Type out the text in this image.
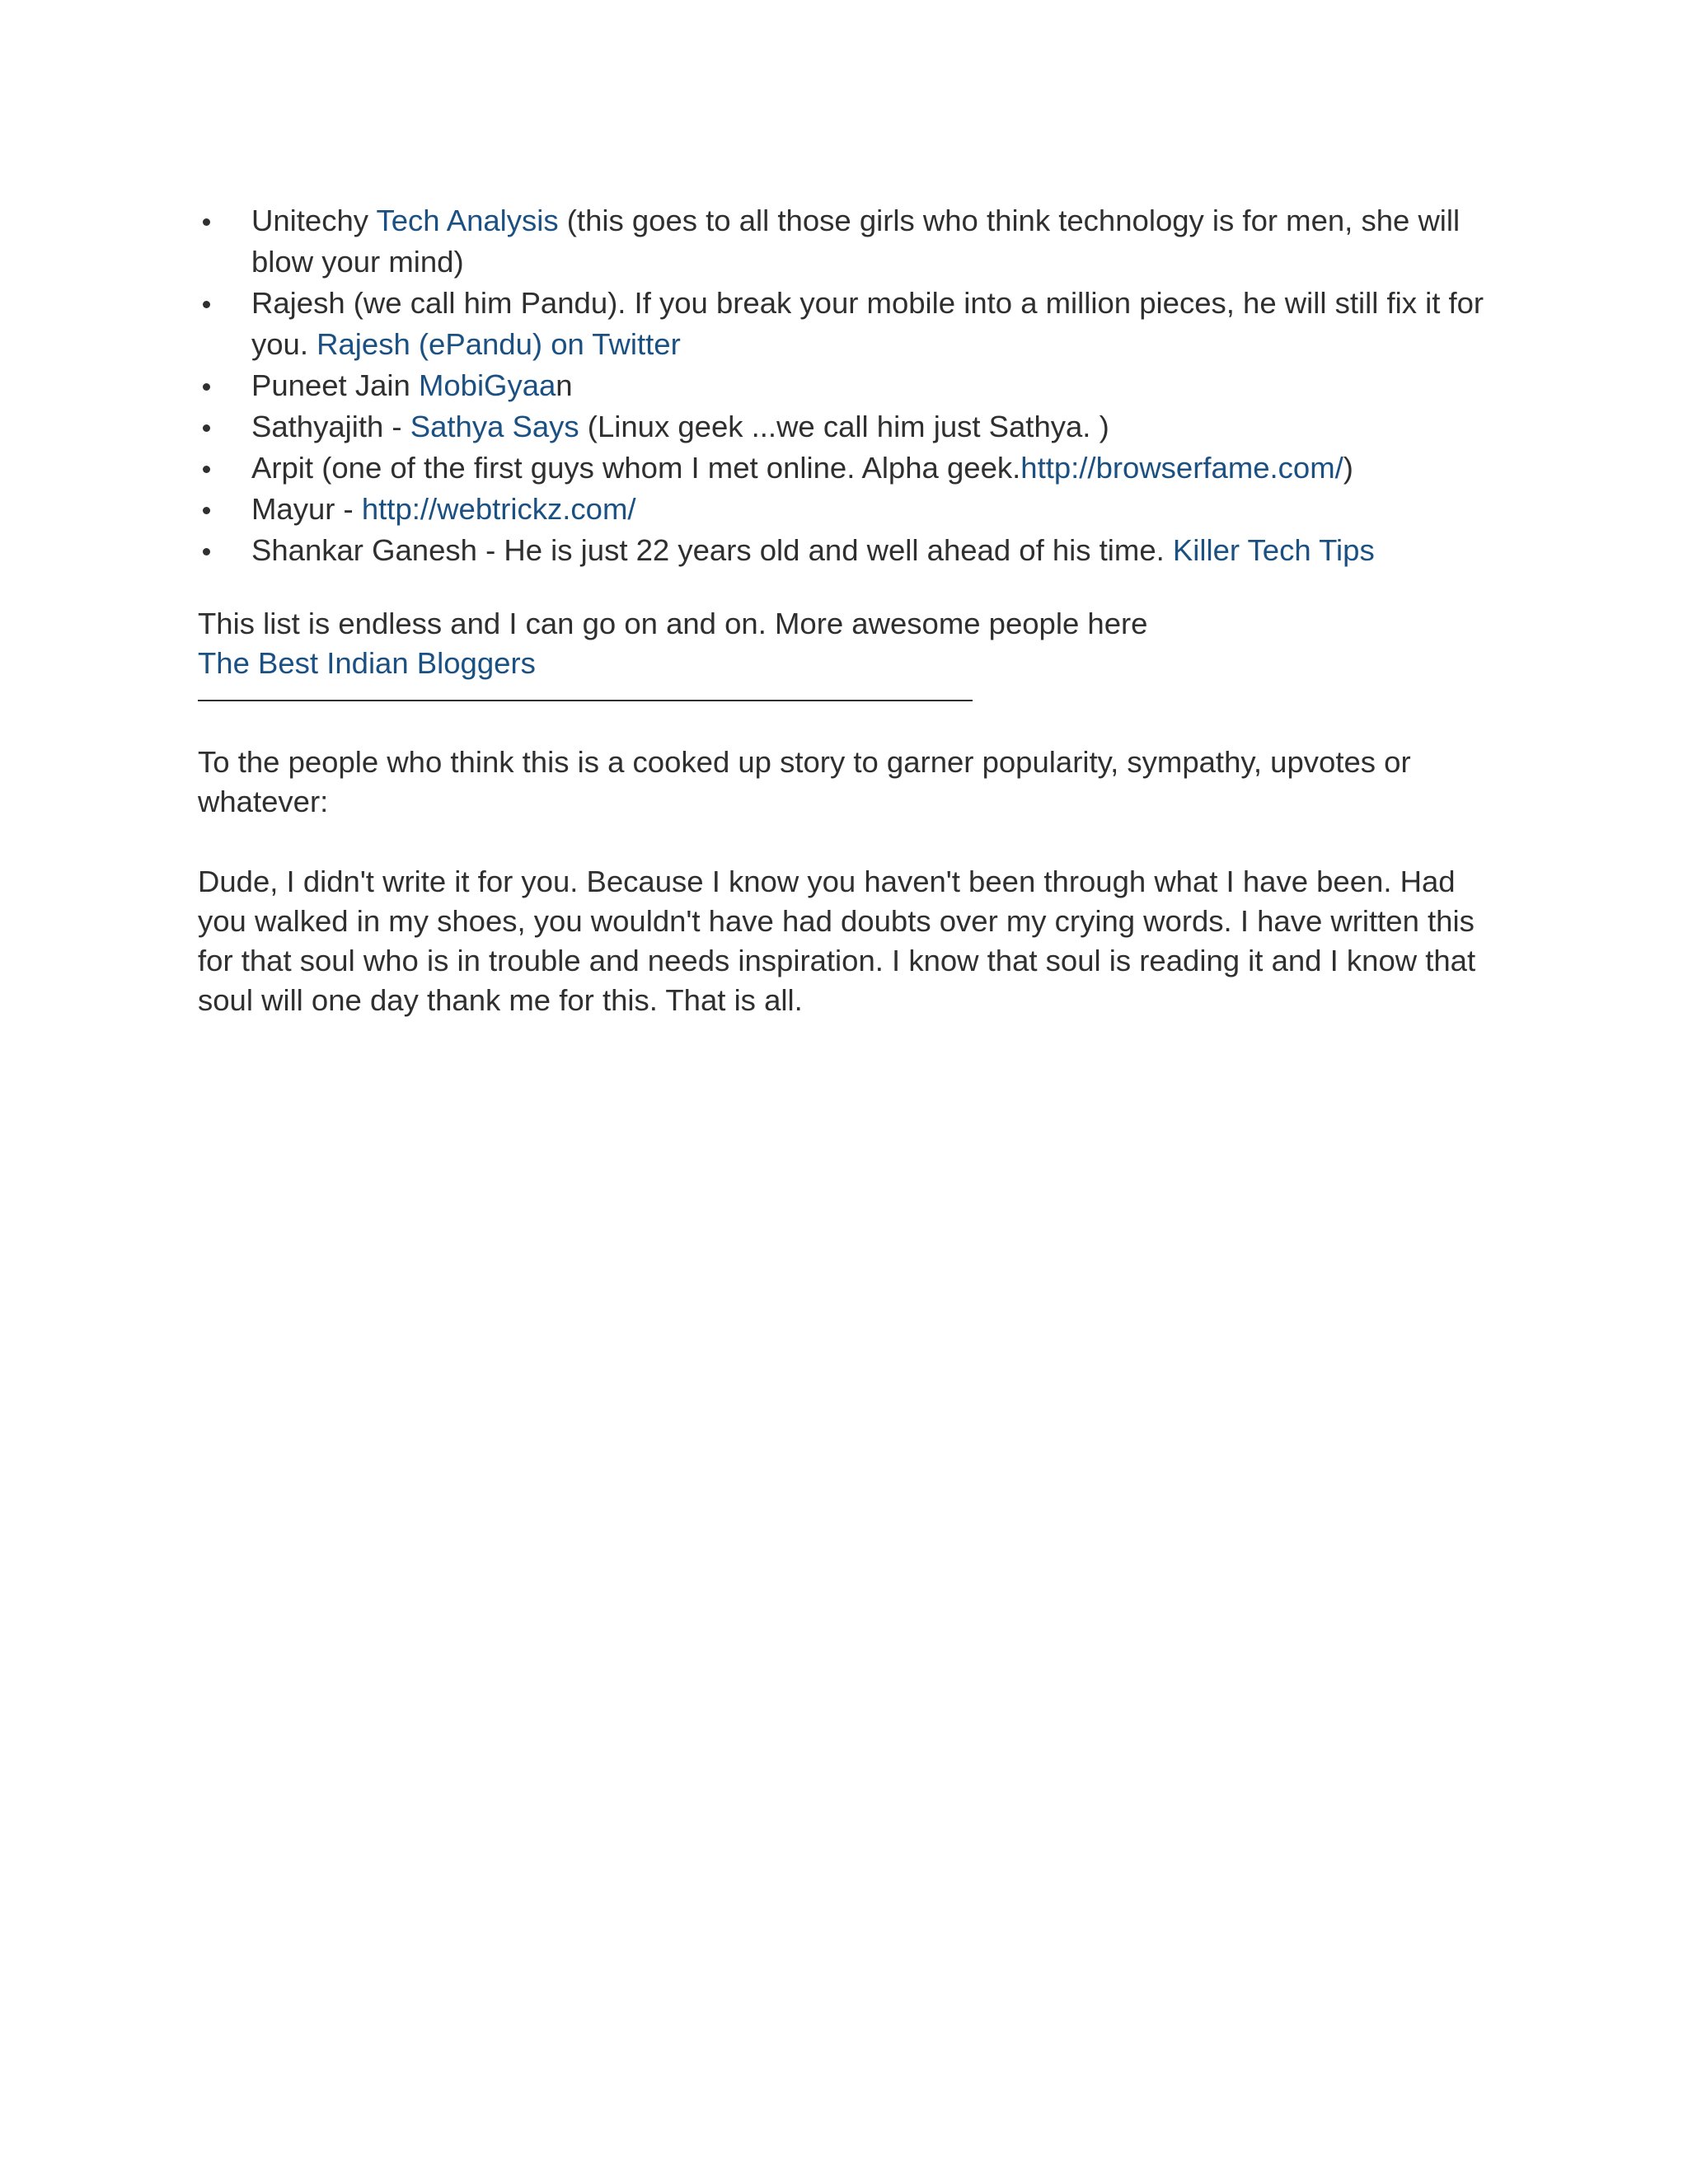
Unitechy Tech Analysis (this goes to all those girls who think technology is for men, she will blow your mind)
Rajesh (we call him Pandu). If you break your mobile into a million pieces, he will still fix it for you. Rajesh (ePandu) on Twitter
Puneet Jain MobiGyaan
Sathyajith - Sathya Says (Linux geek ...we call him just Sathya. )
Arpit (one of the first guys whom I met online. Alpha geek.http://browserfame.com/)
Mayur - http://webtrickz.com/
Shankar Ganesh - He is just 22 years old and well ahead of his time. Killer Tech Tips
This list is endless and I can go on and on. More awesome people here
The Best Indian Bloggers
To the people who think this is a cooked up story to garner popularity, sympathy, upvotes or whatever:
Dude, I didn't write it for you. Because I know you haven't been through what I have been. Had you walked in my shoes, you wouldn't have had doubts over my crying words. I have written this for that soul who is in trouble and needs inspiration. I know that soul is reading it and I know that soul will one day thank me for this. That is all.
